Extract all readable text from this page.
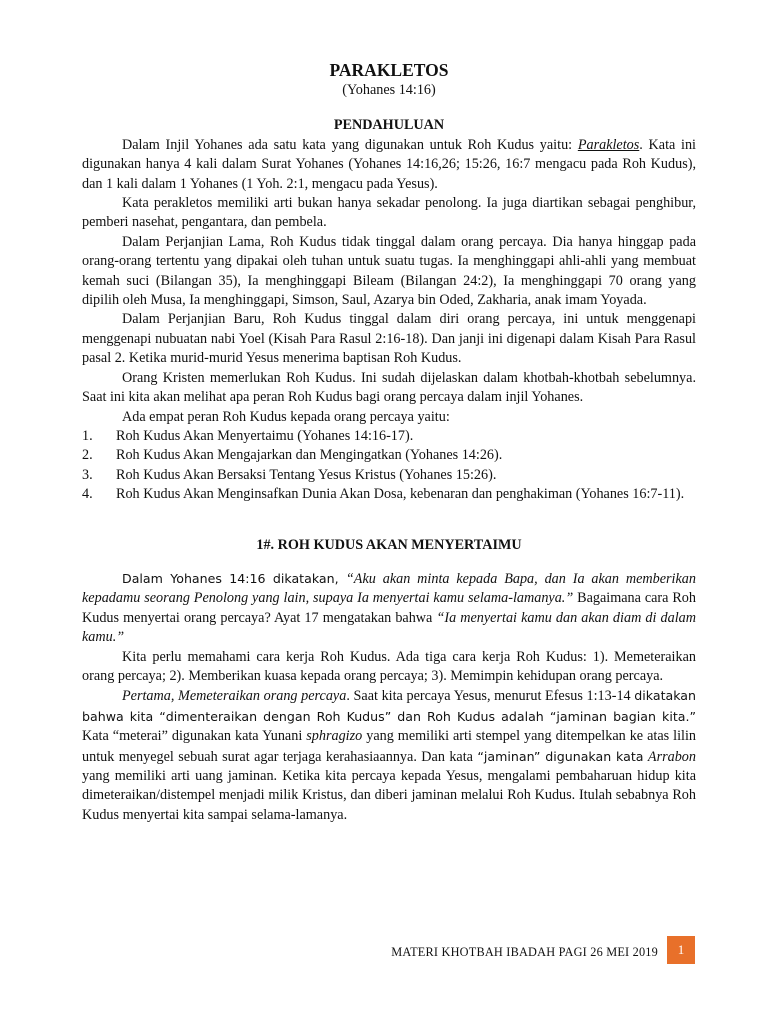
PARAKLETOS
(Yohanes 14:16)
PENDAHULUAN

Dalam Injil Yohanes ada satu kata yang digunakan untuk Roh Kudus yaitu: Parakletos. Kata ini digunakan hanya 4 kali dalam Surat Yohanes (Yohanes 14:16,26; 15:26, 16:7 mengacu pada Roh Kudus), dan 1 kali dalam 1 Yohanes (1 Yoh. 2:1, mengacu pada Yesus).

Kata perakletos memiliki arti bukan hanya sekadar penolong. Ia juga diartikan sebagai penghibur, pemberi nasehat, pengantara, dan pembela.

Dalam Perjanjian Lama, Roh Kudus tidak tinggal dalam orang percaya. Dia hanya hinggap pada orang-orang tertentu yang dipakai oleh tuhan untuk suatu tugas. Ia menghinggapi ahli-ahli yang membuat kemah suci (Bilangan 35), Ia menghinggapi Bileam (Bilangan 24:2), Ia menghinggapi 70 orang yang dipilih oleh Musa, Ia menghinggapi, Simson, Saul, Azarya bin Oded, Zakharia, anak imam Yoyada.

Dalam Perjanjian Baru, Roh Kudus tinggal dalam diri orang percaya, ini untuk menggenapi menggenapi nubuatan nabi Yoel (Kisah Para Rasul 2:16-18). Dan janji ini digenapi dalam Kisah Para Rasul pasal 2. Ketika murid-murid Yesus menerima baptisan Roh Kudus.

Orang Kristen memerlukan Roh Kudus. Ini sudah dijelaskan dalam khotbah-khotbah sebelumnya. Saat ini kita akan melihat apa peran Roh Kudus bagi orang percaya dalam injil Yohanes.

Ada empat peran Roh Kudus kepada orang percaya yaitu:

1. Roh Kudus Akan Menyertaimu (Yohanes 14:16-17).
2. Roh Kudus Akan Mengajarkan dan Mengingatkan (Yohanes 14:26).
3. Roh Kudus Akan Bersaksi Tentang Yesus Kristus (Yohanes 15:26).
4. Roh Kudus Akan Menginsafkan Dunia Akan Dosa, kebenaran dan penghakiman (Yohanes 16:7-11).
1#. ROH KUDUS AKAN MENYERTAIMU

Dalam Yohanes 14:16 dikatakan, “Aku akan minta kepada Bapa, dan Ia akan memberikan kepadamu seorang Penolong yang lain, supaya Ia menyertai kamu selama-lamanya.” Bagaimana cara Roh Kudus menyertai orang percaya? Ayat 17 mengatakan bahwa “Ia menyertai kamu dan akan diam di dalam kamu.”

Kita perlu memahami cara kerja Roh Kudus. Ada tiga cara kerja Roh Kudus: 1). Memeteraikan orang percaya; 2). Memberikan kuasa kepada orang percaya; 3). Memimpin kehidupan orang percaya.

Pertama, Memeteraikan orang percaya. Saat kita percaya Yesus, menurut Efesus 1:13-14 dikatakan bahwa kita “dimenteraikan dengan Roh Kudus” dan Roh Kudus adalah “jaminan bagian kita.” Kata “meterai” digunakan kata Yunani sphragizo yang memiliki arti stempel yang ditempelkan ke atas lilin untuk menyegel sebuah surat agar terjaga kerahasiaannya. Dan kata “jaminan” digunakan kata Arrabon yang memiliki arti uang jaminan. Ketika kita percaya kepada Yesus, mengalami pembaharuan hidup kita dimeteraikan/distempel menjadi milik Kristus, dan diberi jaminan melalui Roh Kudus. Itulah sebabnya Roh Kudus menyertai kita sampai selama-lamanya.

MATERI KHOTBAH IBADAH PAGI 26 MEI 2019	1
